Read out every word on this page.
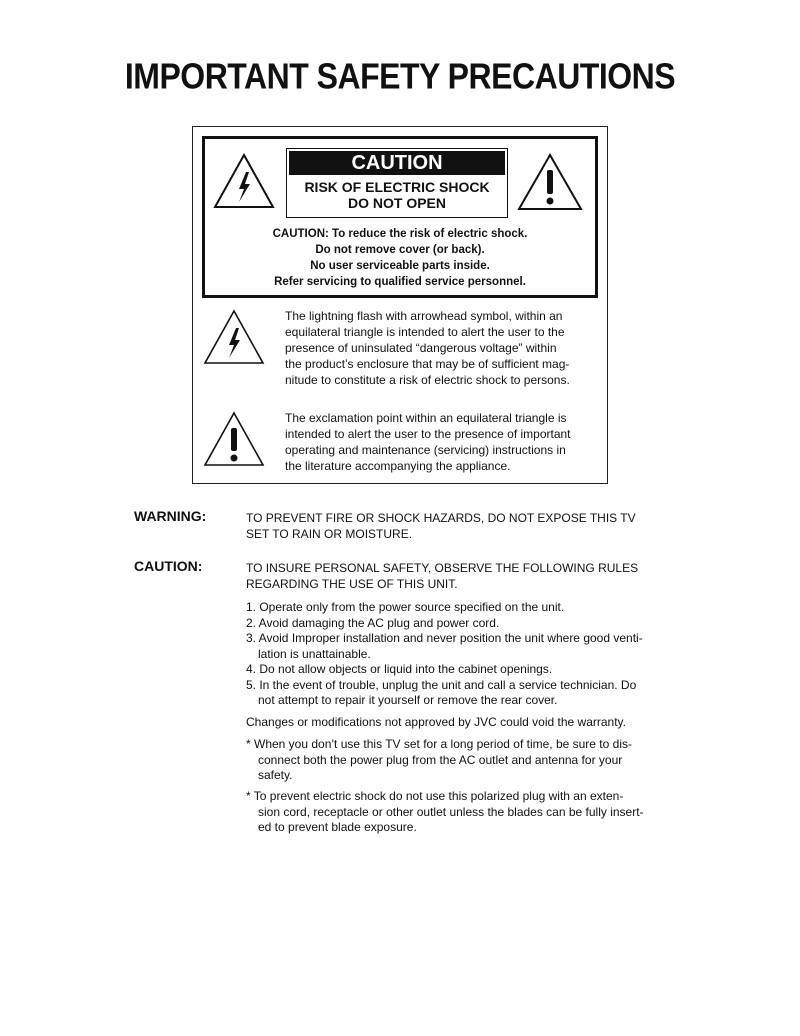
IMPORTANT SAFETY PRECAUTIONS
CAUTION
RISK OF ELECTRIC SHOCK
DO NOT OPEN
CAUTION: To reduce the risk of electric shock.
Do not remove cover (or back).
No user serviceable parts inside.
Refer servicing to qualified service personnel.
The lightning flash with arrowhead symbol, within an
equilateral triangle is intended to alert the user to the
presence of uninsulated “dangerous voltage” within
the product’s enclosure that may be of sufficient mag-
nitude to constitute a risk of electric shock to persons.
The exclamation point within an equilateral triangle is
intended to alert the user to the presence of important
operating and maintenance (servicing) instructions in
the literature accompanying the appliance.
WARNING:	TO PREVENT FIRE OR SHOCK HAZARDS, DO NOT EXPOSE THIS TV
SET TO RAIN OR MOISTURE.
CAUTION:	TO INSURE PERSONAL SAFETY, OBSERVE THE FOLLOWING RULES
REGARDING THE USE OF THIS UNIT.
1. Operate only from the power source specified on the unit.
2. Avoid damaging the AC plug and power cord.
3. Avoid Improper installation and never position the unit where good venti-
lation is unattainable.
4. Do not allow objects or liquid into the cabinet openings.
5. In the event of trouble, unplug the unit and call a service technician. Do
not attempt to repair it yourself or remove the rear cover.
Changes or modifications not approved by JVC could void the warranty.
* When you don’t use this TV set for a long period of time, be sure to dis-
connect both the power plug from the AC outlet and antenna for your
safety.
* To prevent electric shock do not use this polarized plug with an exten-
sion cord, receptacle or other outlet unless the blades can be fully insert-
ed to prevent blade exposure.
